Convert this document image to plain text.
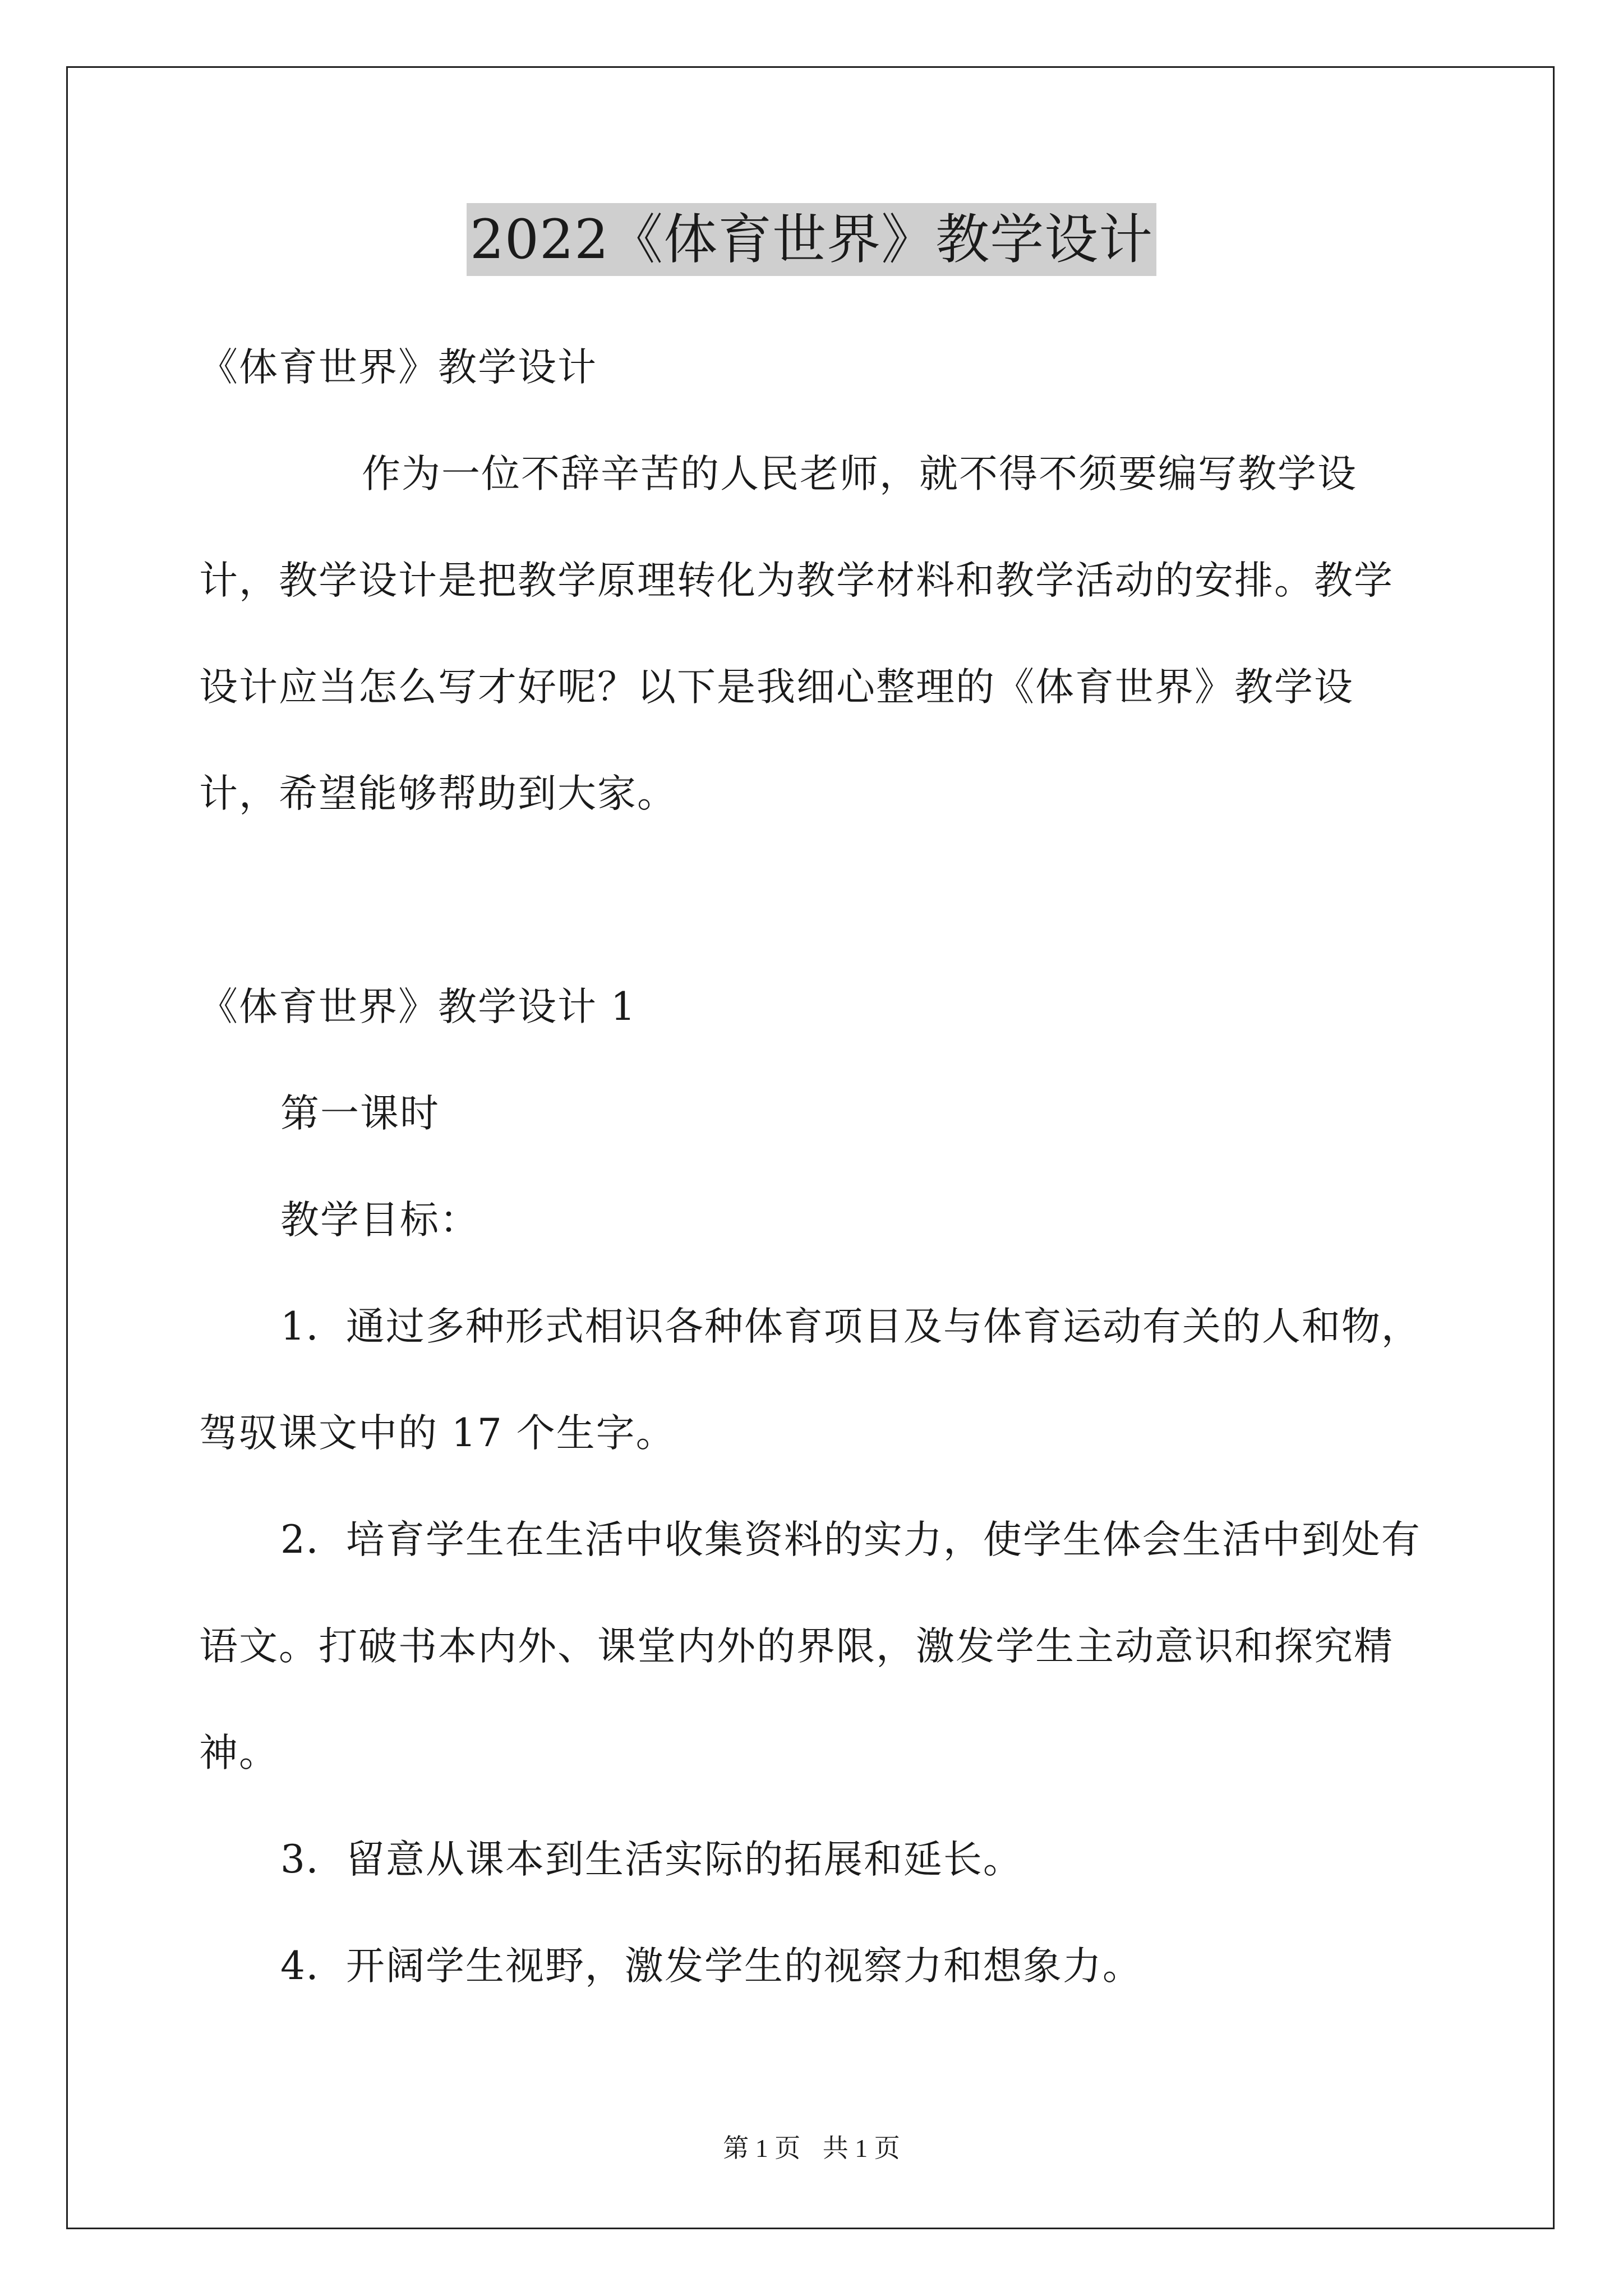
2022《体育世界》教学设计

《体育世界》教学设计

作为一位不辞辛苦的人民老师，就不得不须要编写教学设计，教学设计是把教学原理转化为教学材料和教学活动的安排。教学设计应当怎么写才好呢？以下是我细心整理的《体育世界》教学设计，希望能够帮助到大家。

《体育世界》教学设计 1

第一课时

教学目标：

1．通过多种形式相识各种体育项目及与体育运动有关的人和物，驾驭课文中的 17 个生字。

2．培育学生在生活中收集资料的实力，使学生体会生活中到处有语文。打破书本内外、课堂内外的界限，激发学生主动意识和探究精神。

3．留意从课本到生活实际的拓展和延长。

4．开阔学生视野，激发学生的视察力和想象力。

第 1 页 共 1 页
